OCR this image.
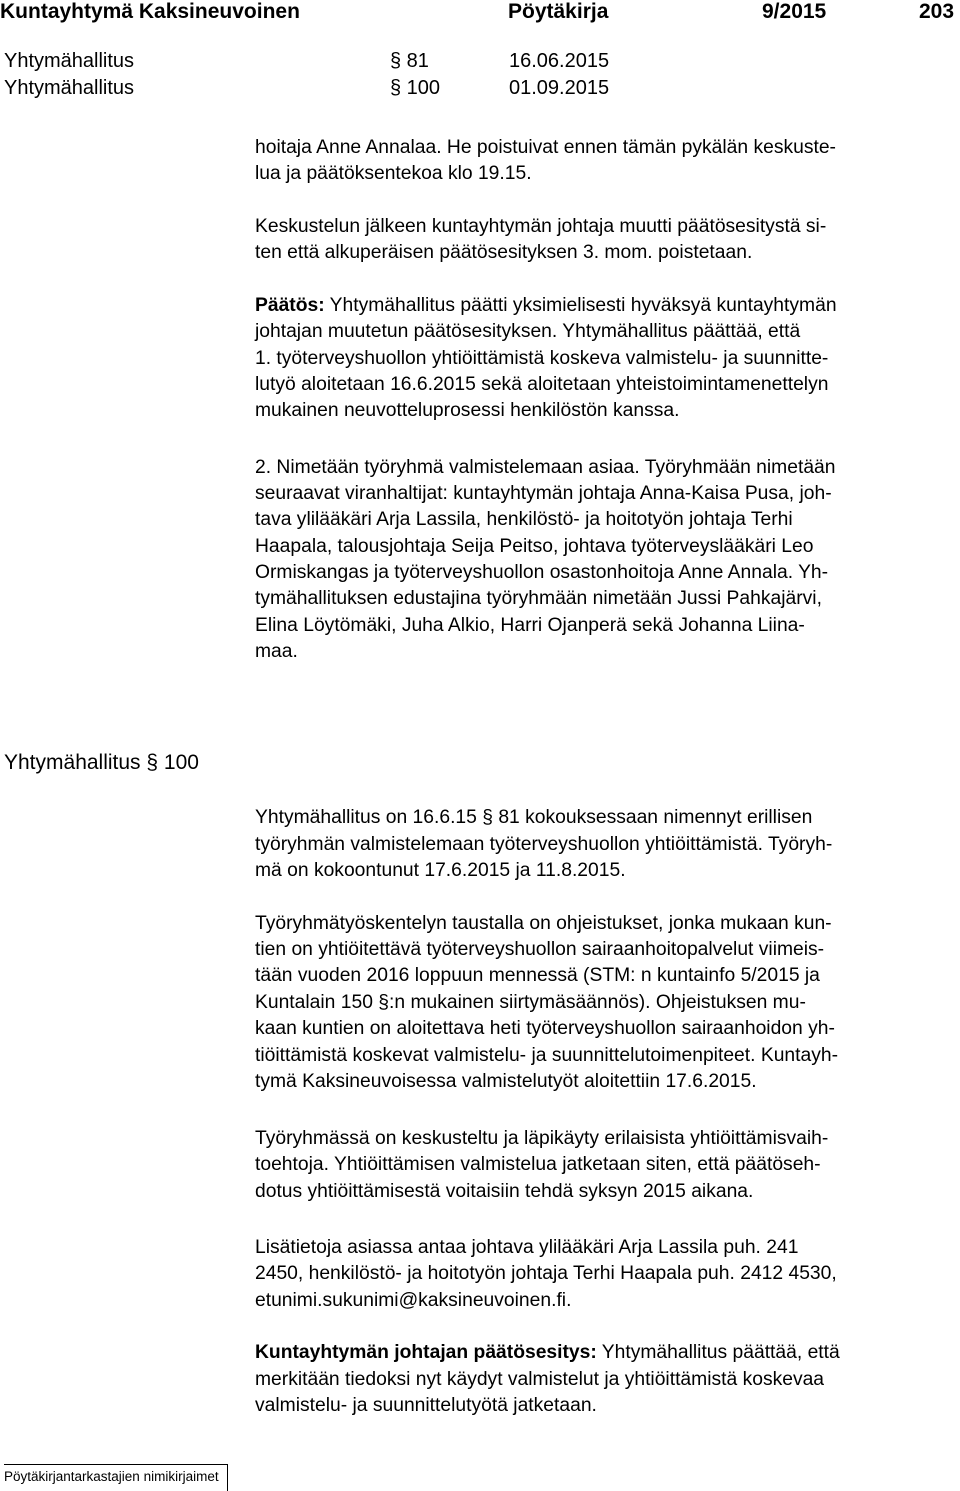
Kuntayhtymä Kaksineuvoinen	Pöytäkirja	9/2015	203
Yhtymähallitus	§ 81	16.06.2015
Yhtymähallitus	§ 100	01.09.2015
hoitaja Anne Annalaa. He poistuivat ennen tämän pykälän keskuste-
lua ja päätöksentekoa klo 19.15.
Keskustelun jälkeen kuntayhtymän johtaja muutti päätösesitystä si-
ten että alkuperäisen päätösesityksen 3. mom. poistetaan.
Päätös: Yhtymähallitus päätti yksimielisesti hyväksyä kuntayhtymän
johtajan muutetun päätösesityksen. Yhtymähallitus päättää, että
1. työterveyshuollon yhtiöittämistä koskeva valmistelu- ja suunnitte-
lutyö aloitetaan 16.6.2015 sekä aloitetaan yhteistoimintamenettelyn
mukainen neuvotteluprosessi henkilöstön kanssa.
2. Nimetään työryhmä valmistelemaan asiaa. Työryhmään nimetään
seuraavat viranhaltijat: kuntayhtymän johtaja Anna-Kaisa Pusa, joh-
tava ylilääkäri Arja Lassila, henkilöstö- ja hoitotyön johtaja Terhi
Haapala, talousjohtaja Seija Peitso, johtava työterveyslääkäri Leo
Ormiskangas ja työterveyshuollon osastonhoitoja Anne Annala. Yh-
tymähallituksen edustajina työryhmään nimetään Jussi Pahkajärvi,
Elina Löytömäki, Juha Alkio, Harri Ojanperä sekä Johanna Liina-
maa.
Yhtymähallitus § 100
Yhtymähallitus on 16.6.15 § 81 kokouksessaan nimennyt erillisen
työryhmän valmistelemaan työterveyshuollon yhtiöittämistä. Työryh-
mä on kokoontunut 17.6.2015 ja 11.8.2015.
Työryhmätyöskentelyn taustalla on ohjeistukset, jonka mukaan kun-
tien on yhtiöitettävä työterveyshuollon sairaanhoitopalvelut viimeis-
tään vuoden 2016 loppuun mennessä (STM: n kuntainfo 5/2015 ja
Kuntalain 150 §:n mukainen siirtymäsäännös). Ohjeistuksen mu-
kaan kuntien on aloitettava heti työterveyshuollon sairaanhoidon yh-
tiöittämistä koskevat valmistelu- ja suunnittelutoimenpiteet. Kuntayh-
tymä Kaksineuvoisessa valmistelutyöt aloitettiin 17.6.2015.
Työryhmässä on keskusteltu ja läpikäyty erilaisista yhtiöittämisvaih-
toehtoja. Yhtiöittämisen valmistelua jatketaan siten, että päätöseh-
dotus yhtiöittämisestä voitaisiin tehdä syksyn 2015 aikana.
Lisätietoja asiassa antaa johtava ylilääkäri Arja Lassila puh. 241
2450, henkilöstö- ja hoitotyön johtaja Terhi Haapala puh. 2412 4530,
etunimi.sukunimi@kaksineuvoinen.fi.
Kuntayhtymän johtajan päätösesitys: Yhtymähallitus päättää, että
merkitään tiedoksi nyt käydyt valmistelut ja yhtiöittämistä koskevaa
valmistelu- ja suunnittelutyötä jatketaan.
Pöytäkirjantarkastajien nimikirjaimet
